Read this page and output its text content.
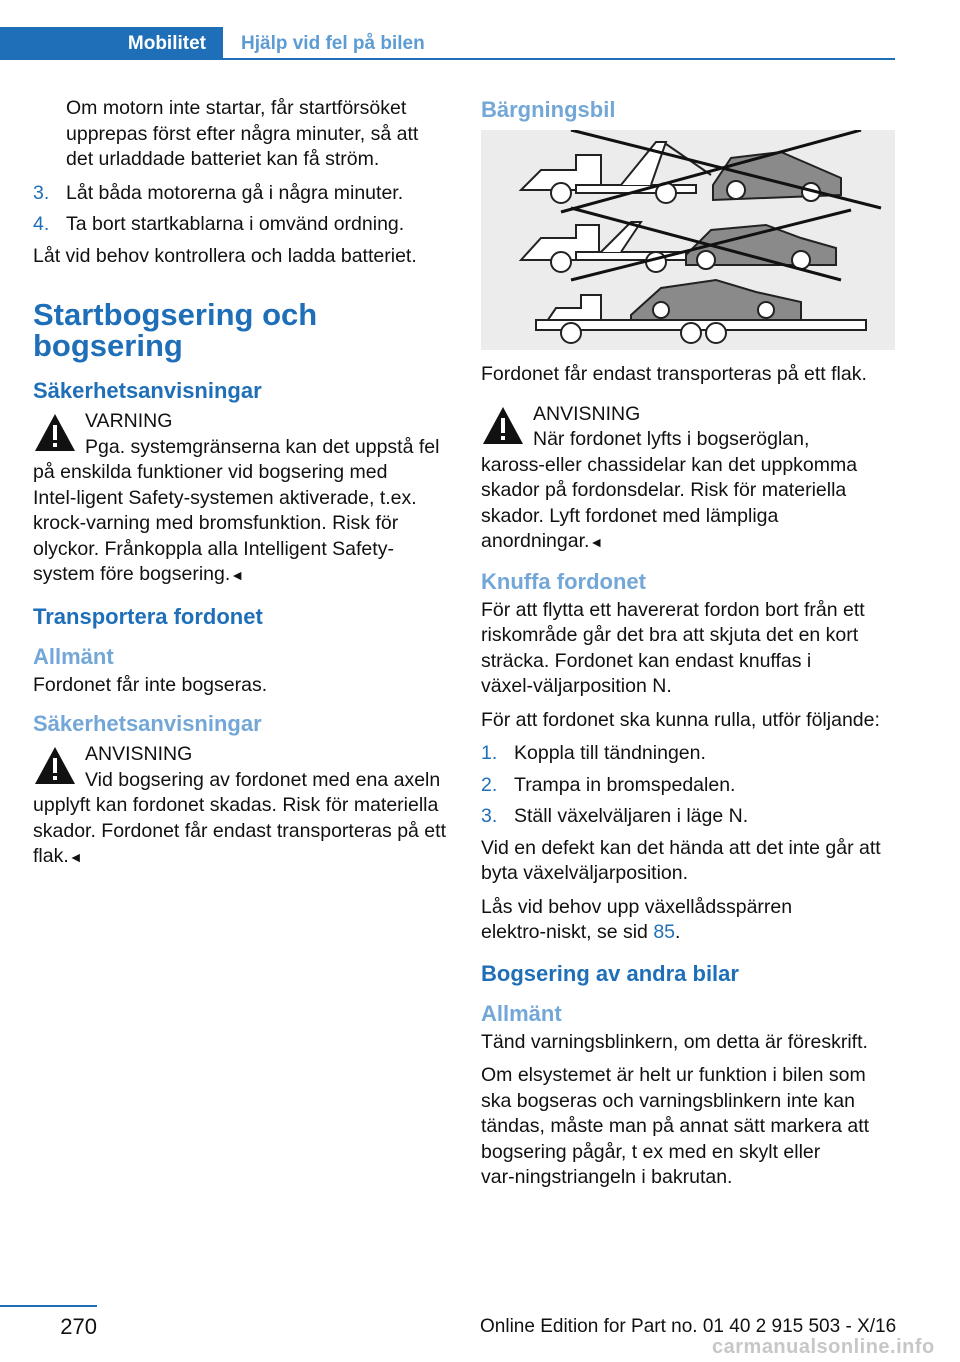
Mobilitet	Hjälp vid fel på bilen

Om motorn inte startar, får startförsöket upprepas först efter några minuter, så att det urladdade batteriet kan få ström.

3. Låt båda motorerna gå i några minuter.
4. Ta bort startkablarna i omvänd ordning.

Låt vid behov kontrollera och ladda batteriet.

Startbogsering och bogsering
Säkerhetsanvisningar
VARNING
Pga. systemgränserna kan det uppstå fel på enskilda funktioner vid bogsering med Intel‑ligent Safety-systemen aktiverade, t.ex. krock‑varning med bromsfunktion. Risk för olyckor. Frånkoppla alla Intelligent Safety-system före bogsering.◄
Transportera fordonet
Allmänt

Fordonet får inte bogseras.

Säkerhetsanvisningar
ANVISNING
Vid bogsering av fordonet med ena axeln upplyft kan fordonet skadas. Risk för materiella skador. Fordonet får endast transporteras på ett flak.◄
Bärgningsbil

Fordonet får endast transporteras på ett flak.

ANVISNING
När fordonet lyfts i bogseröglan, kaross‑eller chassidelar kan det uppkomma skador på fordonsdelar. Risk för materiella skador. Lyft fordonet med lämpliga anordningar.◄
Knuffa fordonet

För att flytta ett havererat fordon bort från ett riskområde går det bra att skjuta det en kort sträcka. Fordonet kan endast knuffas i växel‑väljarposition N.

För att fordonet ska kunna rulla, utför följande:

1. Koppla till tändningen.
2. Trampa in bromspedalen.
3. Ställ växelväljaren i läge N.

Vid en defekt kan det hända att det inte går att byta växelväljarposition.

Lås vid behov upp växellådsspärren elektro‑niskt, se sid 85.

Bogsering av andra bilar
Allmänt

Tänd varningsblinkern, om detta är föreskrift.

Om elsystemet är helt ur funktion i bilen som ska bogseras och varningsblinkern inte kan tändas, måste man på annat sätt markera att bogsering pågår, t ex med en skylt eller var‑ningstriangeln i bakrutan.

270	Online Edition for Part no. 01 40 2 915 503 - X/16
carmanualsonline.info
